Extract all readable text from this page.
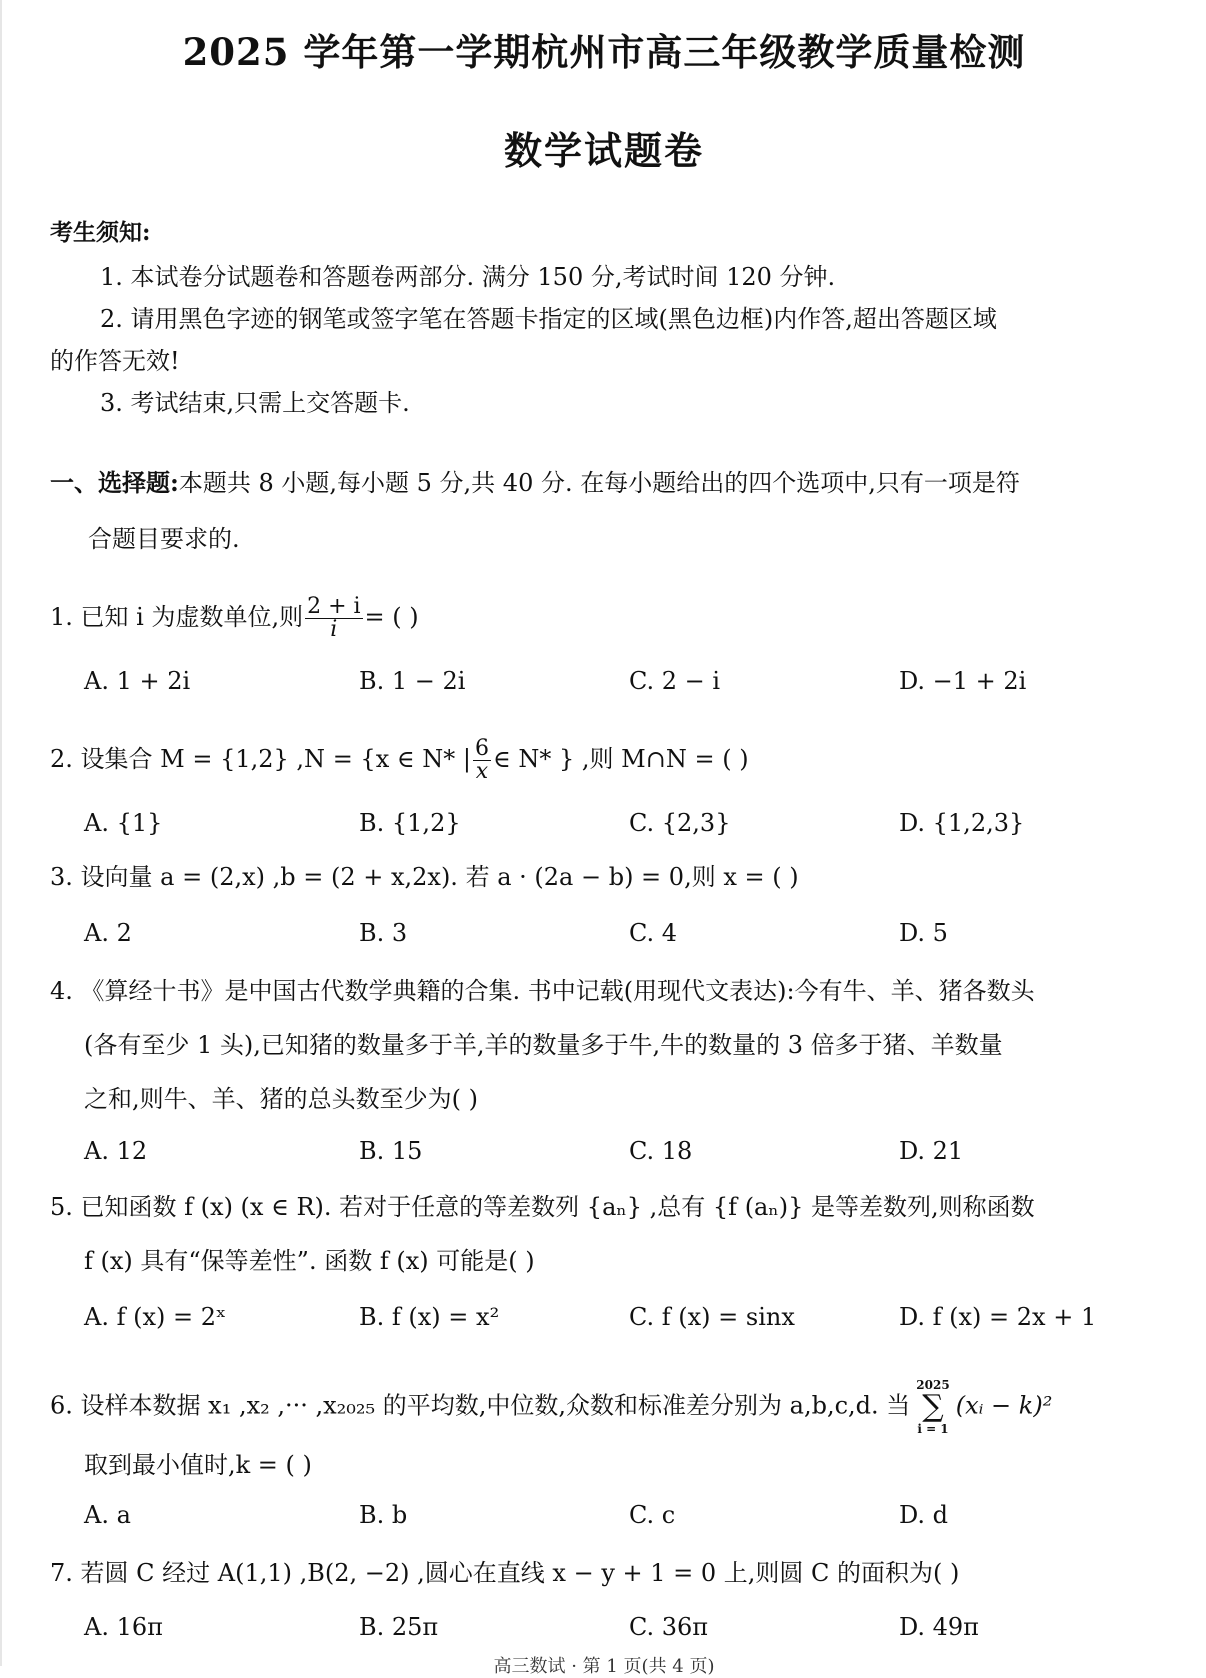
2025 学年第一学期杭州市高三年级教学质量检测
数学试题卷
考生须知:
1. 本试卷分试题卷和答题卷两部分. 满分 150 分,考试时间 120 分钟.
2. 请用黑色字迹的钢笔或签字笔在答题卡指定的区域(黑色边框)内作答,超出答题区域
的作答无效!
3. 考试结束,只需上交答题卡.
一、选择题:本题共 8 小题,每小题 5 分,共 40 分. 在每小题给出的四个选项中,只有一项是符
合题目要求的.
1. 已知 i 为虚数单位,则 $\frac{2 + i}{i}$ = ( )
A. 1 + 2i	B. 1 − 2i	C. 2 − i	D. −1 + 2i
2. 设集合 M = {1,2} ,N = {x ∈ N* | $\frac{6}{x}$ ∈ N* } ,则 M∩N = ( )
A. {1}	B. {1,2}	C. {2,3}	D. {1,2,3}
3. 设向量 a = (2,x) ,b = (2 + x,2x). 若 a · (2a − b) = 0,则 x = ( )
A. 2	B. 3	C. 4	D. 5
4. 《算经十书》是中国古代数学典籍的合集. 书中记载(用现代文表达):今有牛、羊、猪各数头
(各有至少 1 头),已知猪的数量多于羊,羊的数量多于牛,牛的数量的 3 倍多于猪、羊数量
之和,则牛、羊、猪的总头数至少为( )
A. 12	B. 15	C. 18	D. 21
5. 已知函数 f (x) (x ∈ R). 若对于任意的等差数列 {aₙ} ,总有 {f (aₙ)} 是等差数列,则称函数
f (x) 具有“保等差性”. 函数 f (x) 可能是( )
A. f (x) = 2ˣ	B. f (x) = x²	C. f (x) = sinx	D. f (x) = 2x + 1
6. 设样本数据 x₁ ,x₂ ,··· ,x₂₀₂₅ 的平均数,中位数,众数和标准差分别为 a,b,c,d. 当
2025
∑
i = 1
(xᵢ − k)²
取到最小值时,k = ( )
A. a	B. b	C. c	D. d
7. 若圆 C 经过 A(1,1) ,B(2, −2) ,圆心在直线 x − y + 1 = 0 上,则圆 C 的面积为( )
A. 16π	B. 25π	C. 36π	D. 49π
高三数试 · 第 1 页(共 4 页)
